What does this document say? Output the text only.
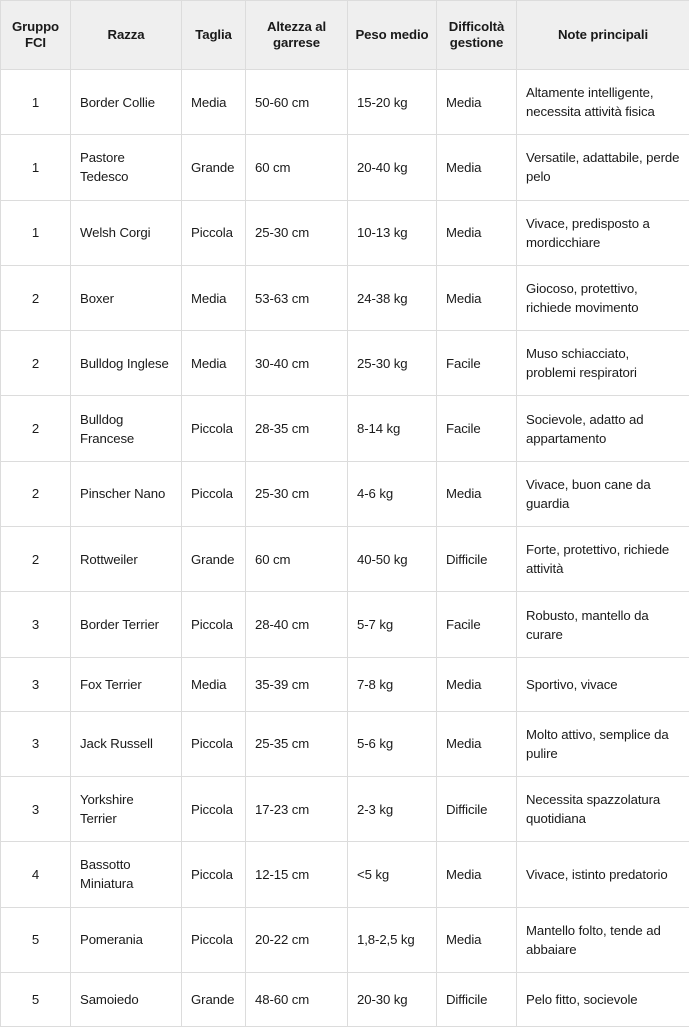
Gruppo FCI	Razza	Taglia	Altezza al garrese	Peso medio	Difficoltà gestione	Note principali
1	Border Collie	Media	50-60 cm	15-20 kg	Media	Altamente intelligente, necessita attività fisica
1	Pastore Tedesco	Grande	60 cm	20-40 kg	Media	Versatile, adattabile, perde pelo
1	Welsh Corgi	Piccola	25-30 cm	10-13 kg	Media	Vivace, predisposto a mordicchiare
2	Boxer	Media	53-63 cm	24-38 kg	Media	Giocoso, protettivo, richiede movimento
2	Bulldog Inglese	Media	30-40 cm	25-30 kg	Facile	Muso schiacciato, problemi respiratori
2	Bulldog Francese	Piccola	28-35 cm	8-14 kg	Facile	Socievole, adatto ad appartamento
2	Pinscher Nano	Piccola	25-30 cm	4-6 kg	Media	Vivace, buon cane da guardia
2	Rottweiler	Grande	60 cm	40-50 kg	Difficile	Forte, protettivo, richiede attività
3	Border Terrier	Piccola	28-40 cm	5-7 kg	Facile	Robusto, mantello da curare
3	Fox Terrier	Media	35-39 cm	7-8 kg	Media	Sportivo, vivace
3	Jack Russell	Piccola	25-35 cm	5-6 kg	Media	Molto attivo, semplice da pulire
3	Yorkshire Terrier	Piccola	17-23 cm	2-3 kg	Difficile	Necessita spazzolatura quotidiana
4	Bassotto Miniatura	Piccola	12-15 cm	<5 kg	Media	Vivace, istinto predatorio
5	Pomerania	Piccola	20-22 cm	1,8-2,5 kg	Media	Mantello folto, tende ad abbaiare
5	Samoiedo	Grande	48-60 cm	20-30 kg	Difficile	Pelo fitto, socievole
